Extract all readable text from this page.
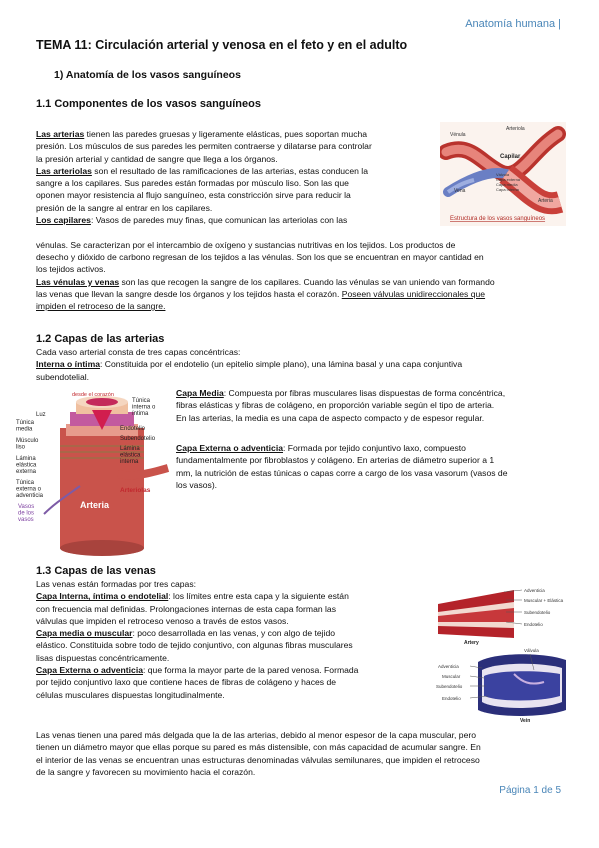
Anatomía humana |
TEMA 11: Circulación arterial y venosa en el feto y en el adulto
1) Anatomía de los vasos sanguíneos
1.1 Componentes de los vasos sanguíneos
Las arterias tienen las paredes gruesas y ligeramente elásticas, pues soportan mucha
presión. Los músculos de sus paredes les permiten contraerse y dilatarse para controlar
la presión arterial y cantidad de sangre que llega a los órganos.
Las arteriolas son el resultado de las ramificaciones de las arterias, estas conducen la
sangre a los capilares. Sus paredes están formadas por músculo liso. Son las que
oponen mayor resistencia al flujo sanguíneo, esta constricción sirve para reducir la
presión de la sangre al entrar en los capilares.
Los capilares: Vasos de paredes muy finas, que comunican las arteriolas con las
vénulas. Se caracterizan por el intercambio de oxígeno y sustancias nutritivas en los tejidos. Los productos de
desecho y dióxido de carbono regresan de los tejidos a las vénulas. Son los que se encuentran en mayor cantidad en
los tejidos activos.
Las vénulas y venas son las que recogen la sangre de los capilares. Cuando las vénulas se van uniendo van formando
las venas que llevan la sangre desde los órganos y los tejidos hasta el corazón. Poseen válvulas unidireccionales que
impiden el retroceso de la sangre.
Vénula
Arteriola
Capilar
Válvula
Capa externa
Capa media
Capa interna
Vena
Arteria
Estructura de los vasos sanguíneos
1.2 Capas de las arterias
Cada vaso arterial consta de tres capas concéntricas:
Interna o íntima: Constituida por el endotelio (un epitelio simple plano), una lámina basal y una capa conjuntiva
subendotelial.
Capa Media: Compuesta por fibras musculares lisas dispuestas de forma concéntrica,
fibras elásticas y fibras de colágeno, en proporción variable según el tipo de arteria.
En las arterias, la media es una capa de aspecto compacto y de espesor regular.
Capa Externa o adventicia: Formada por tejido conjuntivo laxo, compuesto
fundamentalmente por fibroblastos y colágeno. En arterias de diámetro superior a 1
mm, la nutrición de estas túnicas o capas corre a cargo de los vasa vasorum (vasos de
los vasos).
desde el corazón
Luz
Túnica media
Músculo liso
Lámina elástica externa
Túnica externa o adventicia
Vasos de los vasos
Túnica interna o íntima
Endotelio
Subendotelio
Lámina elástica interna
Arteriolas
Arteria
1.3 Capas de las venas
Las venas están formadas por tres capas:
Capa Interna, íntima o endotelial: los límites entre esta capa y la siguiente están
con frecuencia mal definidas. Prolongaciones internas de esta capa forman las
válvulas que impiden el retroceso venoso a través de estos vasos.
Capa media o muscular: poco desarrollada en las venas, y con algo de tejido
elástico. Constituida sobre todo de tejido conjuntivo, con algunas fibras musculares
lisas dispuestas concéntricamente.
Capa Externa o adventicia: que forma la mayor parte de la pared venosa. Formada
por tejido conjuntivo laxo que contiene haces de fibras de colágeno y haces de
células musculares dispuestas longitudinalmente.
Adventicia
Muscular + Elástica
Subendotelio
Endotelio
Artery
Válvula
Adventicia
Muscular
Subendotelio
Endotelio
Vein
Las venas tienen una pared más delgada que la de las arterias, debido al menor espesor de la capa muscular, pero
tienen un diámetro mayor que ellas porque su pared es más distensible, con más capacidad de acumular sangre. En
el interior de las venas se encuentran unas estructuras denominadas válvulas semilunares, que impiden el retroceso
de la sangre y favorecen su movimiento hacia el corazón.
Página 1 de 5
